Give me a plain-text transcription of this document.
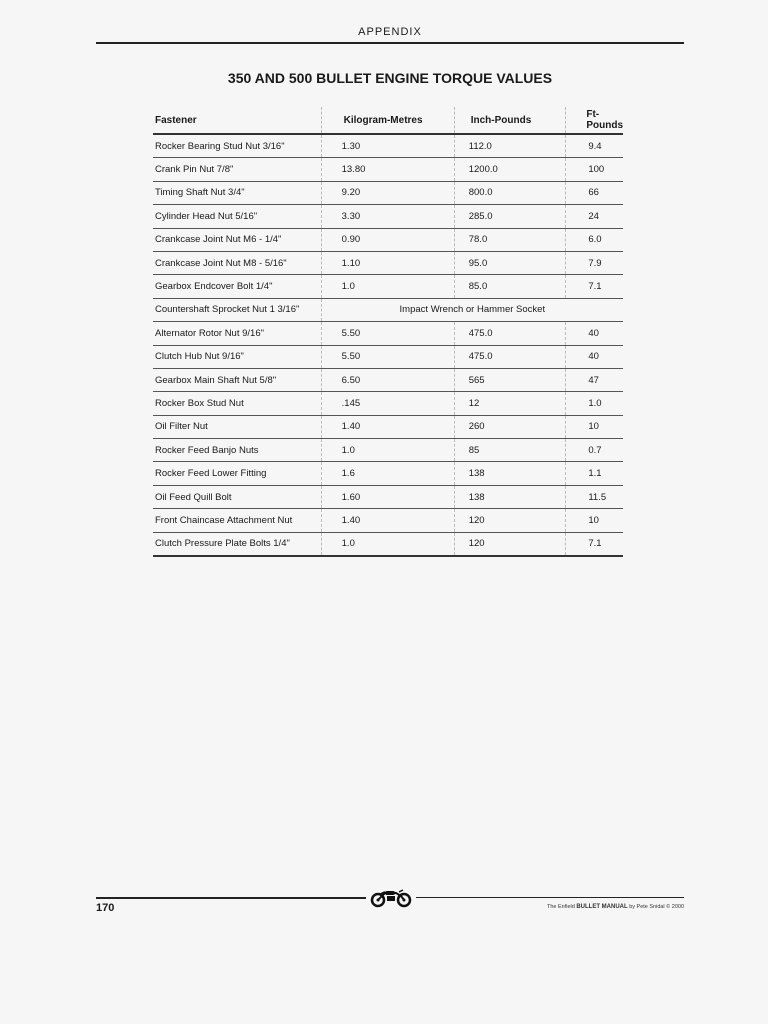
APPENDIX
350 AND 500 BULLET ENGINE TORQUE VALUES
Fastener	Kilogram-Metres	Inch-Pounds	Ft-Pounds
Rocker Bearing Stud Nut 3/16"	1.30	112.0	9.4
Crank Pin Nut 7/8"	13.80	1200.0	100
Timing Shaft Nut 3/4"	9.20	800.0	66
Cylinder Head Nut 5/16"	3.30	285.0	24
Crankcase Joint Nut M6 - 1/4"	0.90	78.0	6.0
Crankcase Joint Nut M8 - 5/16"	1.10	95.0	7.9
Gearbox Endcover Bolt 1/4"	1.0	85.0	7.1
Countershaft Sprocket Nut 1 3/16"	Impact Wrench or Hammer Socket		
Alternator Rotor Nut 9/16"	5.50	475.0	40
Clutch Hub Nut 9/16"	5.50	475.0	40
Gearbox Main Shaft Nut 5/8"	6.50	565	47
Rocker Box Stud Nut	.145	12	1.0
Oil Filter Nut	1.40	260	10
Rocker Feed Banjo Nuts	1.0	85	0.7
Rocker Feed Lower Fitting	1.6	138	1.1
Oil Feed Quill Bolt	1.60	138	11.5
Front Chaincase Attachment Nut	1.40	120	10
Clutch Pressure Plate Bolts 1/4"	1.0	120	7.1
170	The Enfield BULLET MANUAL by Pete Snidal © 2000
